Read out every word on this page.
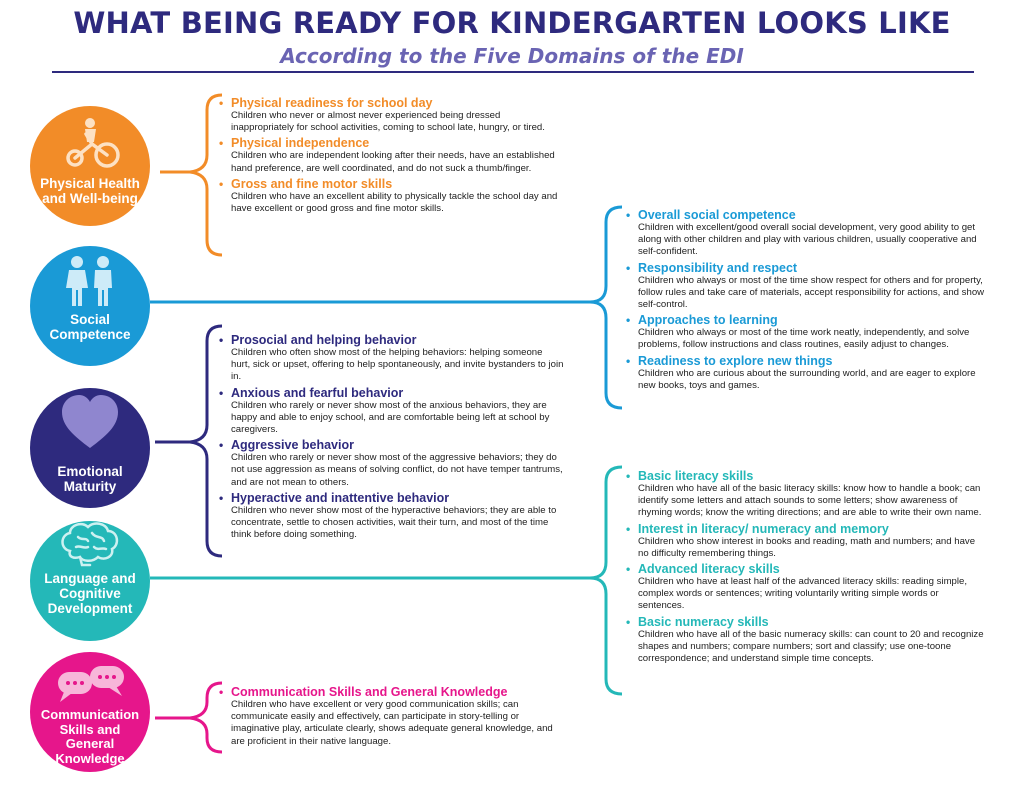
WHAT BEING READY FOR KINDERGARTEN LOOKS LIKE
According to the Five Domains of the EDI
Physical Health and Well-being
Social Competence
Emotional Maturity
Language and Cognitive Development
Communication Skills and General Knowledge
• Physical readiness for school day

Children who never or almost never experienced being dressed inappropriately for school activities, coming to school late, hungry, or tired.

• Physical independence

Children who are independent looking after their needs, have an established hand preference, are well coordinated, and do not suck a thumb/finger.

• Gross and fine motor skills

Children who have an excellent ability to physically tackle the school day and have excellent or good gross and fine motor skills.

•	Overall social competence

Children with excellent/good overall social development, very good ability to get along with other children and play with various children, usually cooperative and self-confident.

• Responsibility and respect

Children who always or most of the time show respect for others and for property, follow rules and take care of materials, accept responsibility for actions, and show self-control.

• Approaches to learning

Children who always or most of the time work neatly, independently, and solve problems, follow instructions and class routines, easily adjust to changes.

• Readiness to explore new things

Children who are curious about the surrounding world, and are eager to explore new books, toys and games.

• Prosocial and helping behavior

Children who often show most of the helping behaviors: helping someone hurt, sick or upset, offering to help spontaneously, and invite bystanders to join in.

• Anxious and fearful behavior

Children who rarely or never show most of the anxious behaviors, they are happy and able to enjoy school, and are comfortable being left at school by caregivers.

• Aggressive behavior

Children who rarely or never show most of the aggressive behaviors; they do not use aggression as means of solving conflict, do not have temper tantrums, and are not mean to others.

• Hyperactive and inattentive behavior

Children who never show most of the hyperactive behaviors; they are able to concentrate, settle to chosen activities, wait their turn, and most of the time think before doing something.

• Basic literacy skills

Children who have all of the basic literacy skills: know how to handle a book; can identify some letters and attach sounds to some letters; show awareness of rhyming words; know the writing directions; and are able to write their own name.

• Interest in literacy/ numeracy and memory

Children who show interest in books and reading, math and numbers; and have no difficulty remembering things.

• Advanced literacy skills

Children who have at least half of the advanced literacy skills: reading simple, complex words or sentences; writing voluntarily writing simple words or sentences.

• Basic numeracy skills

Children who have all of the basic numeracy skills: can count to 20 and recognize shapes and numbers; compare numbers; sort and classify; use one-toone correspondence; and understand simple time concepts.

• Communication Skills and General Knowledge

Children who have excellent or very good communication skills; can communicate easily and effectively, can participate in story-telling or imaginative play, articulate clearly, shows adequate general knowledge, and are proficient in their native language.
